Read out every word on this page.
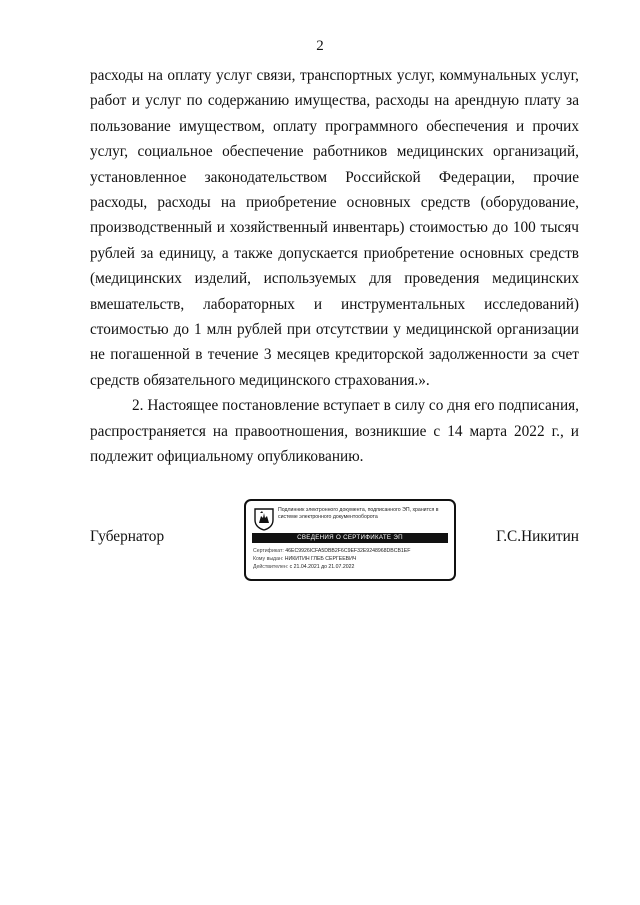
2

расходы на оплату услуг связи, транспортных услуг, коммунальных услуг, работ и услуг по содержанию имущества, расходы на арендную плату за пользование имуществом, оплату программного обеспечения и прочих услуг, социальное обеспечение работников медицинских организаций, установленное законодательством Российской Федерации, прочие расходы, расходы на приобретение основных средств (оборудование, производственный и хозяйственный инвентарь) стоимостью до 100 тысяч рублей за единицу, а также допускается приобретение основных средств (медицинских изделий, используемых для проведения медицинских вмешательств, лабораторных и инструментальных исследований) стоимостью до 1 млн рублей при отсутствии у медицинской организации не погашенной в течение 3 месяцев кредиторской задолженности за счет средств обязательного медицинского страхования.».

2. Настоящее постановление вступает в силу со дня его подписания, распространяется на правоотношения, возникшие с 14 марта 2022 г., и подлежит официальному опубликованию.

Губернатор	Г.С.Никитин
Подлинник электронного документа, подписанного ЭП, хранится в системе электронного документооборота
СВЕДЕНИЯ О СЕРТИФИКАТЕ ЭП
Сертификат: 46EC9926ICFA5DBB2F6C9EF32E9248968DBCB1EF
Кому выдан: НИКИТИН ГЛЕБ СЕРГЕЕВИЧ
Действителен: с 21.04.2021 до 21.07.2022
